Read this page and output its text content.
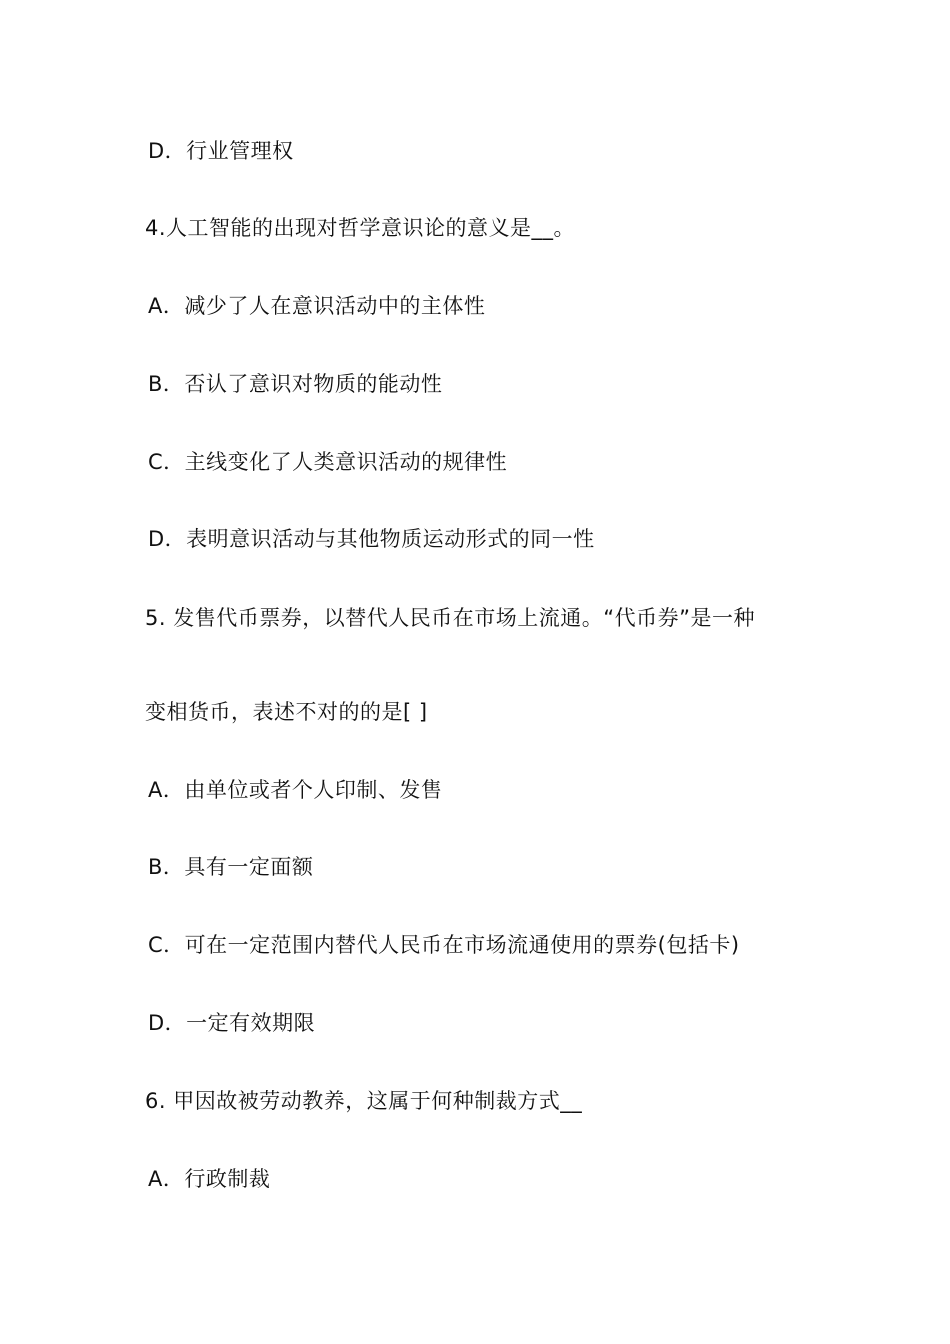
D．行业管理权

4.人工智能的出现对哲学意识论的意义是__。

A．减少了人在意识活动中的主体性

B．否认了意识对物质的能动性

C．主线变化了人类意识活动的规律性

D．表明意识活动与其他物质运动形式的同一性

5. 发售代币票券，以替代人民币在市场上流通。“代币券”是一种

变相货币，表述不对的的是[ ]

A．由单位或者个人印制、发售

B．具有一定面额

C．可在一定范围内替代人民币在市场流通使用的票券(包括卡)

D．一定有效期限

6. 甲因故被劳动教养，这属于何种制裁方式__

A．行政制裁
